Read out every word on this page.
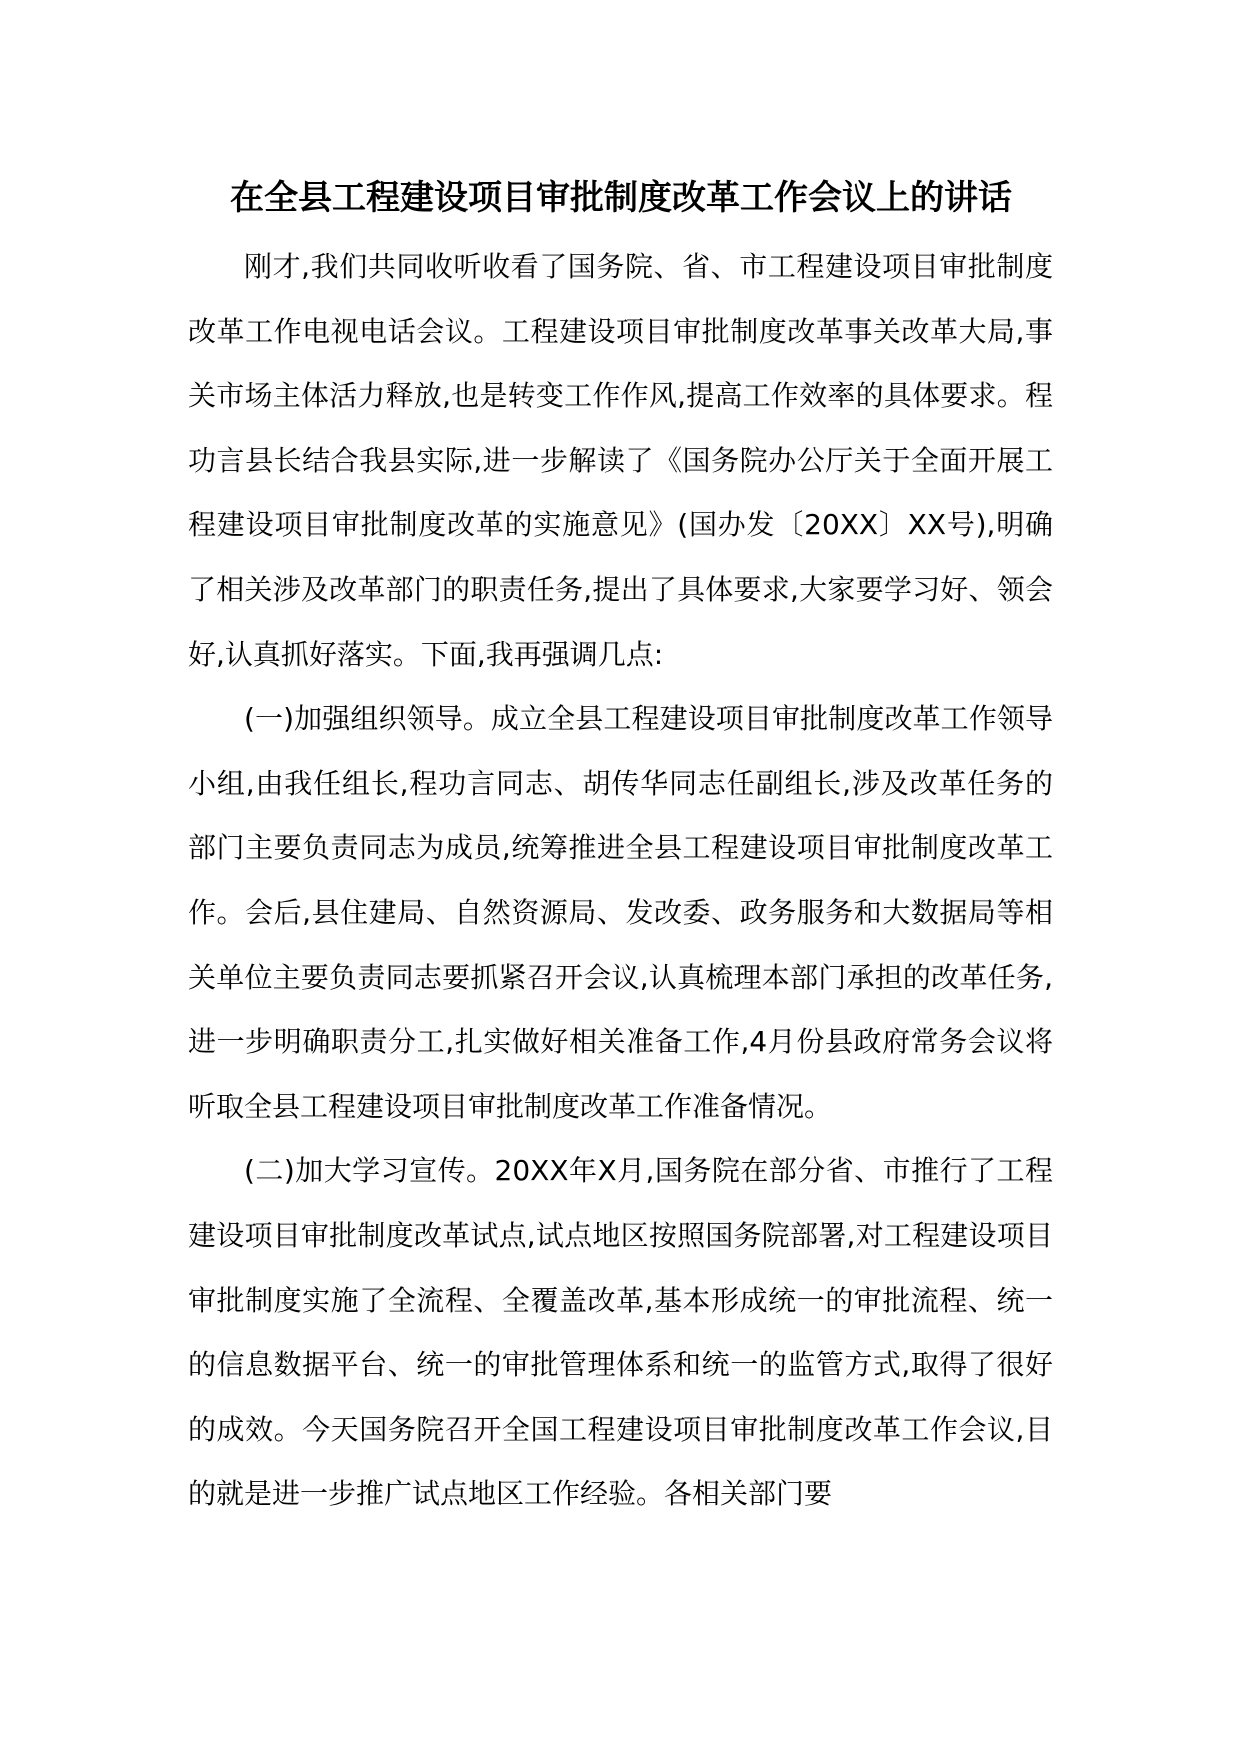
在全县工程建设项目审批制度改革工作会议上的讲话

刚才,我们共同收听收看了国务院、省、市工程建设项目审批制度改革工作电视电话会议。工程建设项目审批制度改革事关改革大局,事关市场主体活力释放,也是转变工作作风,提高工作效率的具体要求。程功言县长结合我县实际,进一步解读了《国务院办公厅关于全面开展工程建设项目审批制度改革的实施意见》(国办发〔20XX〕XX号),明确了相关涉及改革部门的职责任务,提出了具体要求,大家要学习好、领会好,认真抓好落实。下面,我再强调几点:

(一)加强组织领导。成立全县工程建设项目审批制度改革工作领导小组,由我任组长,程功言同志、胡传华同志任副组长,涉及改革任务的部门主要负责同志为成员,统筹推进全县工程建设项目审批制度改革工作。会后,县住建局、自然资源局、发改委、政务服务和大数据局等相关单位主要负责同志要抓紧召开会议,认真梳理本部门承担的改革任务,进一步明确职责分工,扎实做好相关准备工作,4月份县政府常务会议将听取全县工程建设项目审批制度改革工作准备情况。

(二)加大学习宣传。20XX年X月,国务院在部分省、市推行了工程建设项目审批制度改革试点,试点地区按照国务院部署,对工程建设项目审批制度实施了全流程、全覆盖改革,基本形成统一的审批流程、统一的信息数据平台、统一的审批管理体系和统一的监管方式,取得了很好的成效。今天国务院召开全国工程建设项目审批制度改革工作会议,目的就是进一步推广试点地区工作经验。各相关部门要
